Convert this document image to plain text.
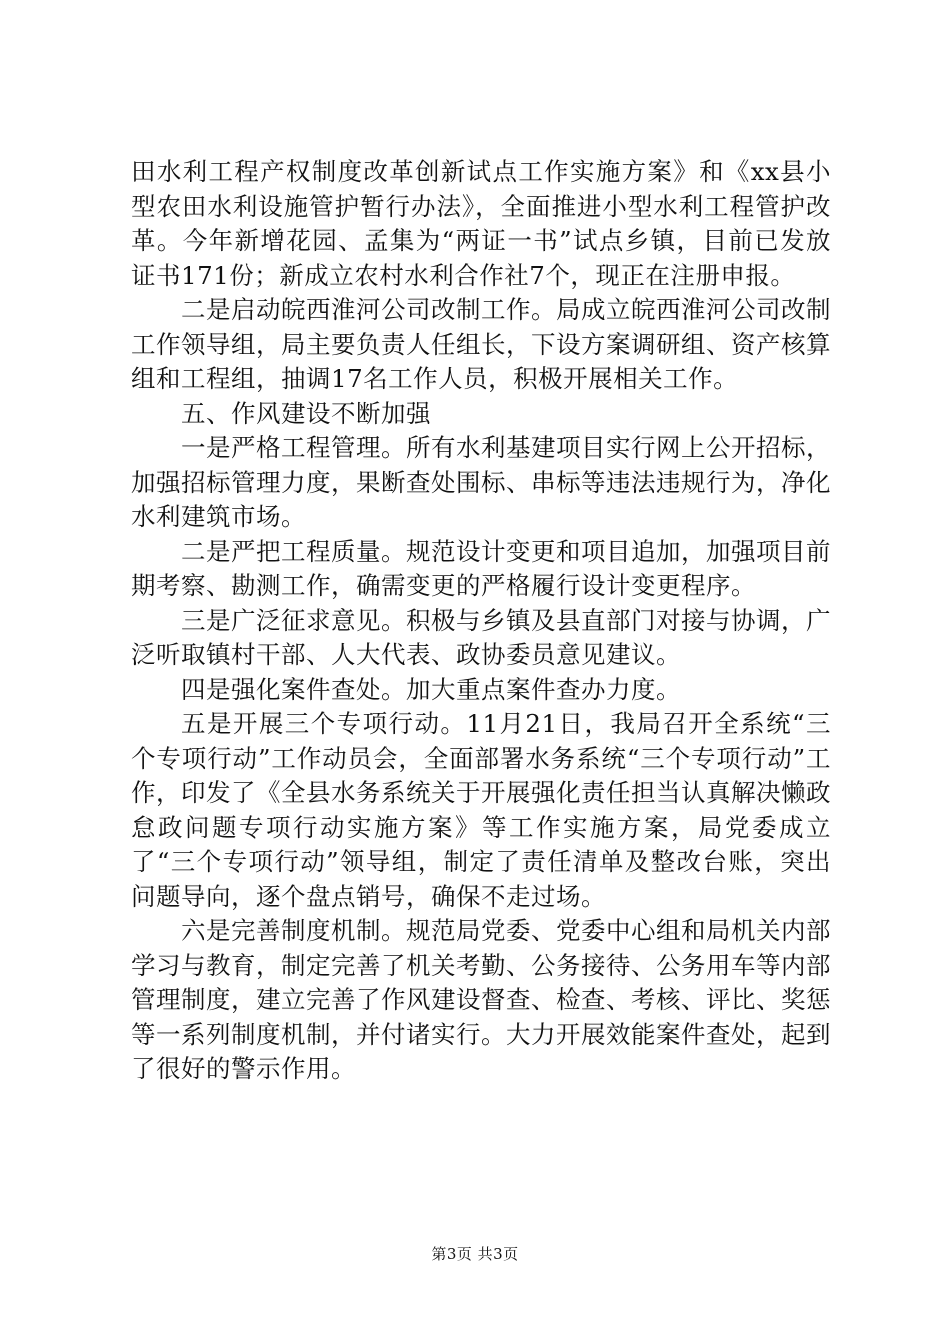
田水利工程产权制度改革创新试点工作实施方案》和《xx县小型农田水利设施管护暂行办法》，全面推进小型水利工程管护改革。今年新增花园、孟集为“两证一书”试点乡镇，目前已发放证书171份；新成立农村水利合作社7个，现正在注册申报。

二是启动皖西淮河公司改制工作。局成立皖西淮河公司改制工作领导组，局主要负责人任组长，下设方案调研组、资产核算组和工程组，抽调17名工作人员，积极开展相关工作。

五、作风建设不断加强

一是严格工程管理。所有水利基建项目实行网上公开招标，加强招标管理力度，果断查处围标、串标等违法违规行为，净化水利建筑市场。

二是严把工程质量。规范设计变更和项目追加，加强项目前期考察、勘测工作，确需变更的严格履行设计变更程序。

三是广泛征求意见。积极与乡镇及县直部门对接与协调，广泛听取镇村干部、人大代表、政协委员意见建议。

四是强化案件查处。加大重点案件查办力度。

五是开展三个专项行动。11月21日，我局召开全系统“三个专项行动”工作动员会，全面部署水务系统“三个专项行动”工作，印发了《全县水务系统关于开展强化责任担当认真解决懒政怠政问题专项行动实施方案》等工作实施方案，局党委成立了“三个专项行动”领导组，制定了责任清单及整改台账，突出问题导向，逐个盘点销号，确保不走过场。

六是完善制度机制。规范局党委、党委中心组和局机关内部学习与教育，制定完善了机关考勤、公务接待、公务用车等内部管理制度，建立完善了作风建设督查、检查、考核、评比、奖惩等一系列制度机制，并付诸实行。大力开展效能案件查处，起到了很好的警示作用。

第3页 共3页
